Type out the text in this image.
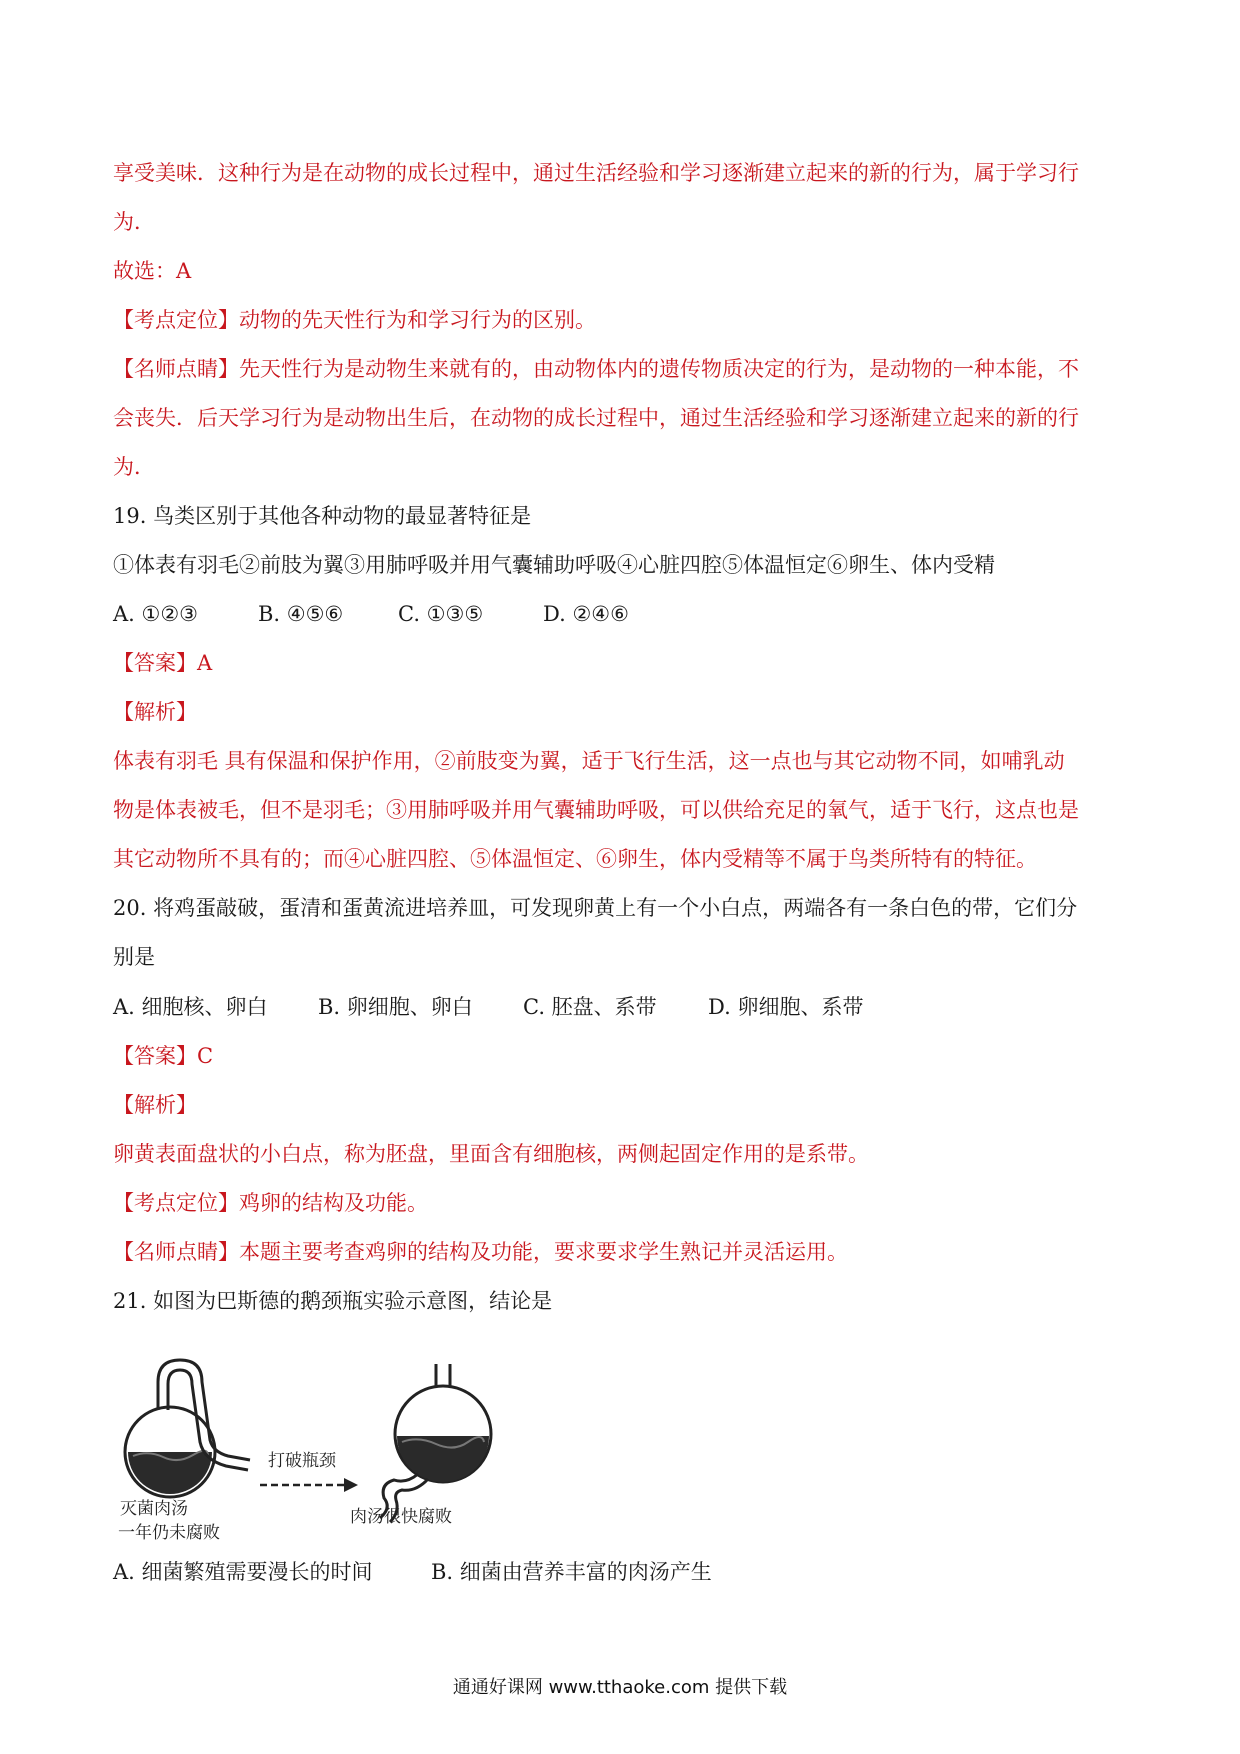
享受美味．这种行为是在动物的成长过程中，通过生活经验和学习逐渐建立起来的新的行为，属于学习行
为．
故选：A
【考点定位】动物的先天性行为和学习行为的区别。
【名师点睛】先天性行为是动物生来就有的，由动物体内的遗传物质决定的行为，是动物的一种本能，不
会丧失．后天学习行为是动物出生后，在动物的成长过程中，通过生活经验和学习逐渐建立起来的新的行
为．
19. 鸟类区别于其他各种动物的最显著特征是
①体表有羽毛②前肢为翼③用肺呼吸并用气囊辅助呼吸④心脏四腔⑤体温恒定⑥卵生、体内受精
A. ①②③	B. ④⑤⑥	C. ①③⑤	D. ②④⑥
【答案】A
【解析】
体表有羽毛 具有保温和保护作用，②前肢变为翼，适于飞行生活，这一点也与其它动物不同，如哺乳动
物是体表被毛，但不是羽毛；③用肺呼吸并用气囊辅助呼吸，可以供给充足的氧气，适于飞行，这点也是
其它动物所不具有的；而④心脏四腔、⑤体温恒定、⑥卵生，体内受精等不属于鸟类所特有的特征。
20. 将鸡蛋敲破，蛋清和蛋黄流进培养皿，可发现卵黄上有一个小白点，两端各有一条白色的带，它们分
别是
A. 细胞核、卵白 B. 卵细胞、卵白 C. 胚盘、系带 D. 卵细胞、系带
【答案】C
【解析】
卵黄表面盘状的小白点，称为胚盘，里面含有细胞核，两侧起固定作用的是系带。
【考点定位】鸡卵的结构及功能。
【名师点睛】本题主要考查鸡卵的结构及功能，要求要求学生熟记并灵活运用。
21. 如图为巴斯德的鹅颈瓶实验示意图，结论是
打破瓶颈
灭菌肉汤
一年仍未腐败
肉汤很快腐败
A. 细菌繁殖需要漫长的时间	B. 细菌由营养丰富的肉汤产生
通通好课网 www.tthaoke.com 提供下载
